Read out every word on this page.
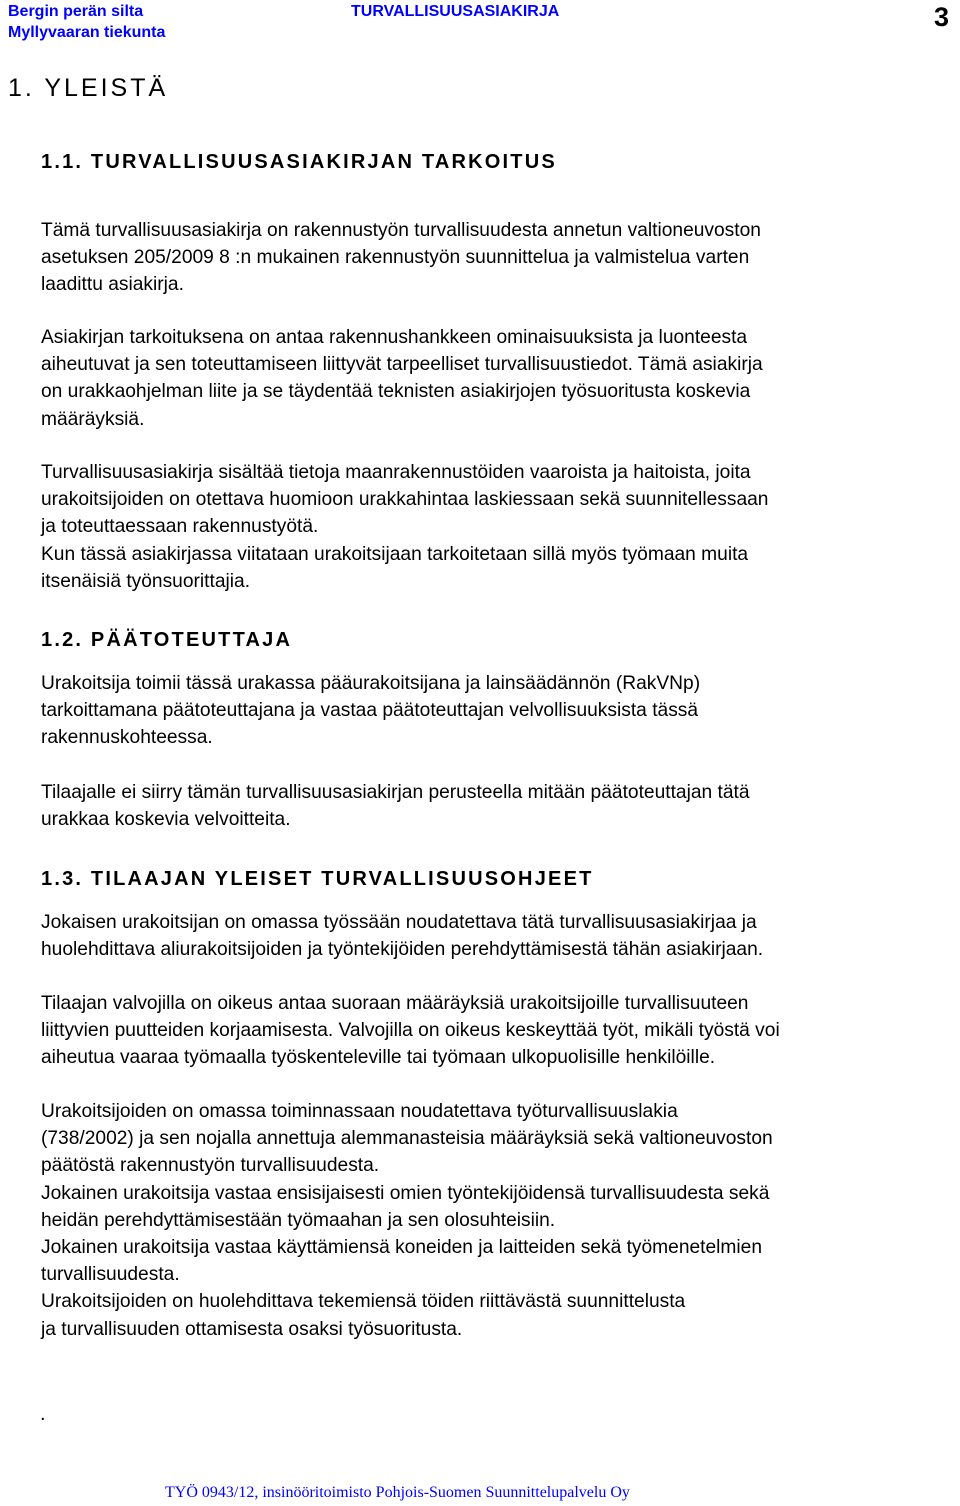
Bergin perän silta
Myllyvaaran tiekunta
TURVALLISUUSASIAKIRJA	3
1. YLEISTÄ
1.1. TURVALLISUUSASIAKIRJAN TARKOITUS

Tämä turvallisuusasiakirja on rakennustyön turvallisuudesta annetun valtioneuvoston

asetuksen 205/2009 8 :n mukainen rakennustyön suunnittelua ja valmistelua varten

laadittu asiakirja.

Asiakirjan tarkoituksena on antaa rakennushankkeen ominaisuuksista ja luonteesta

aiheutuvat ja sen toteuttamiseen liittyvät tarpeelliset turvallisuustiedot. Tämä asiakirja

on urakkaohjelman liite ja se täydentää teknisten asiakirjojen työsuoritusta koskevia

määräyksiä.

Turvallisuusasiakirja sisältää tietoja maanrakennustöiden vaaroista ja haitoista, joita

urakoitsijoiden on otettava huomioon urakkahintaa laskiessaan sekä suunnitellessaan

ja toteuttaessaan rakennustyötä.

Kun tässä asiakirjassa viitataan urakoitsijaan tarkoitetaan sillä myös työmaan muita

itsenäisiä työnsuorittajia.

1.2. PÄÄTOTEUTTAJA

Urakoitsija toimii tässä urakassa pääurakoitsijana ja lainsäädännön (RakVNp)

tarkoittamana päätoteuttajana ja vastaa päätoteuttajan velvollisuuksista tässä

rakennuskohteessa.

Tilaajalle ei siirry tämän turvallisuusasiakirjan perusteella mitään päätoteuttajan tätä

urakkaa koskevia velvoitteita.

1.3. TILAAJAN YLEISET TURVALLISUUSOHJEET

Jokaisen urakoitsijan on omassa työssään noudatettava tätä turvallisuusasiakirjaa ja

huolehdittava aliurakoitsijoiden ja työntekijöiden perehdyttämisestä tähän asiakirjaan.

Tilaajan valvojilla on oikeus antaa suoraan määräyksiä urakoitsijoille turvallisuuteen

liittyvien puutteiden korjaamisesta. Valvojilla on oikeus keskeyttää työt, mikäli työstä voi

aiheutua vaaraa työmaalla työskenteleville tai työmaan ulkopuolisille henkilöille.

Urakoitsijoiden on omassa toiminnassaan noudatettava työturvallisuuslakia

(738/2002) ja sen nojalla annettuja alemmanasteisia määräyksiä sekä valtioneuvoston

päätöstä rakennustyön turvallisuudesta.

Jokainen urakoitsija vastaa ensisijaisesti omien työntekijöidensä turvallisuudesta sekä

heidän perehdyttämisestään työmaahan ja sen olosuhteisiin.

Jokainen urakoitsija vastaa käyttämiensä koneiden ja laitteiden sekä työmenetelmien

turvallisuudesta.

Urakoitsijoiden on huolehdittava tekemiensä töiden riittävästä suunnittelusta

ja turvallisuuden ottamisesta osaksi työsuoritusta.

.
TYÖ 0943/12, insinööritoimisto Pohjois-Suomen Suunnittelupalvelu Oy
